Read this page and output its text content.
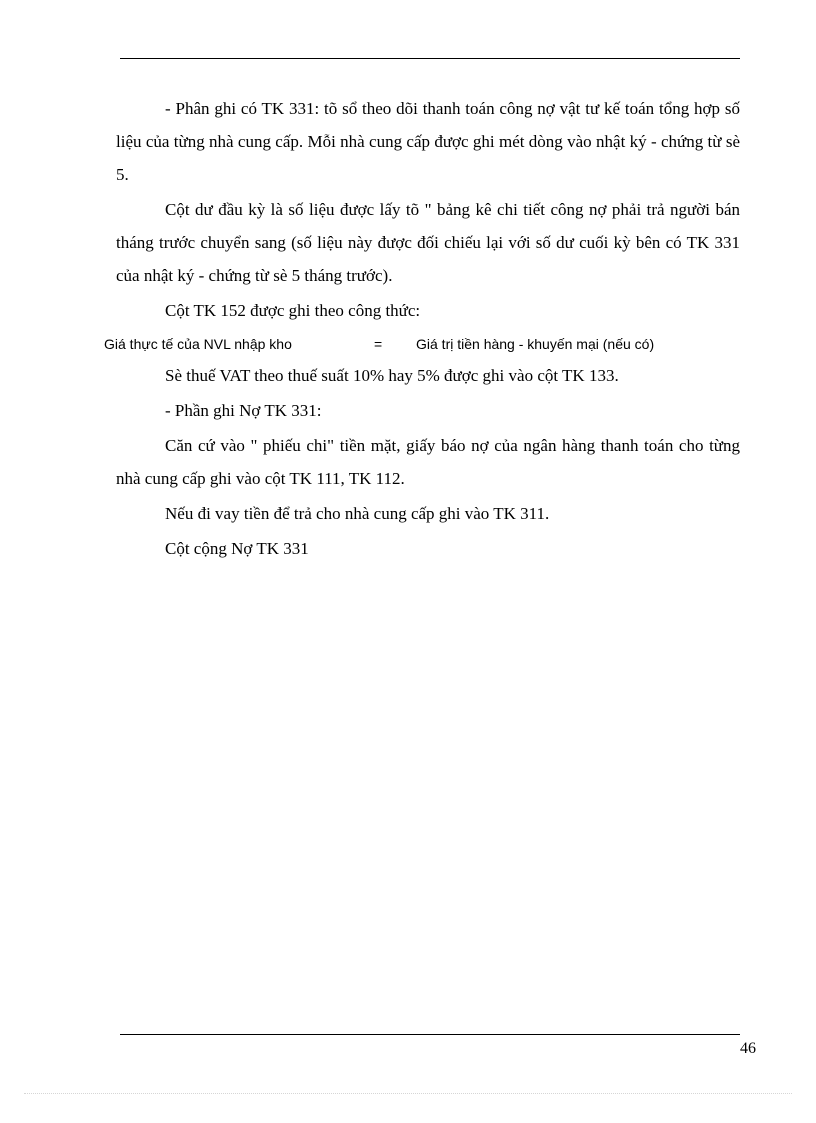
- Phân ghi có TK 331: tõ sổ theo dõi thanh toán công nợ vật tư kế toán tổng hợp số liệu của từng nhà cung cấp. Mỗi nhà cung cấp được ghi mét dòng vào nhật ký - chứng từ sè 5.

Cột dư đầu kỳ là số liệu được lấy tõ " bảng kê chi tiết công nợ phải trả người bán tháng trước chuyển sang (số liệu này được đối chiếu lại với số dư cuối kỳ bên có TK 331 của nhật ký - chứng từ sè 5 tháng trước).

Cột TK 152 được ghi theo công thức:

Giá thực tế của NVL nhập kho	= Giá trị tiền hàng - khuyến mại (nếu có)

Sè thuế VAT theo thuế suất 10% hay 5% được ghi vào cột TK 133.

- Phần ghi Nợ TK 331:

Căn cứ vào " phiếu chi" tiền mặt, giấy báo nợ của ngân hàng thanh toán cho từng nhà cung cấp ghi vào cột TK 111, TK 112.

Nếu đi vay tiền để trả cho nhà cung cấp ghi vào TK 311.

Cột cộng Nợ TK 331

46
